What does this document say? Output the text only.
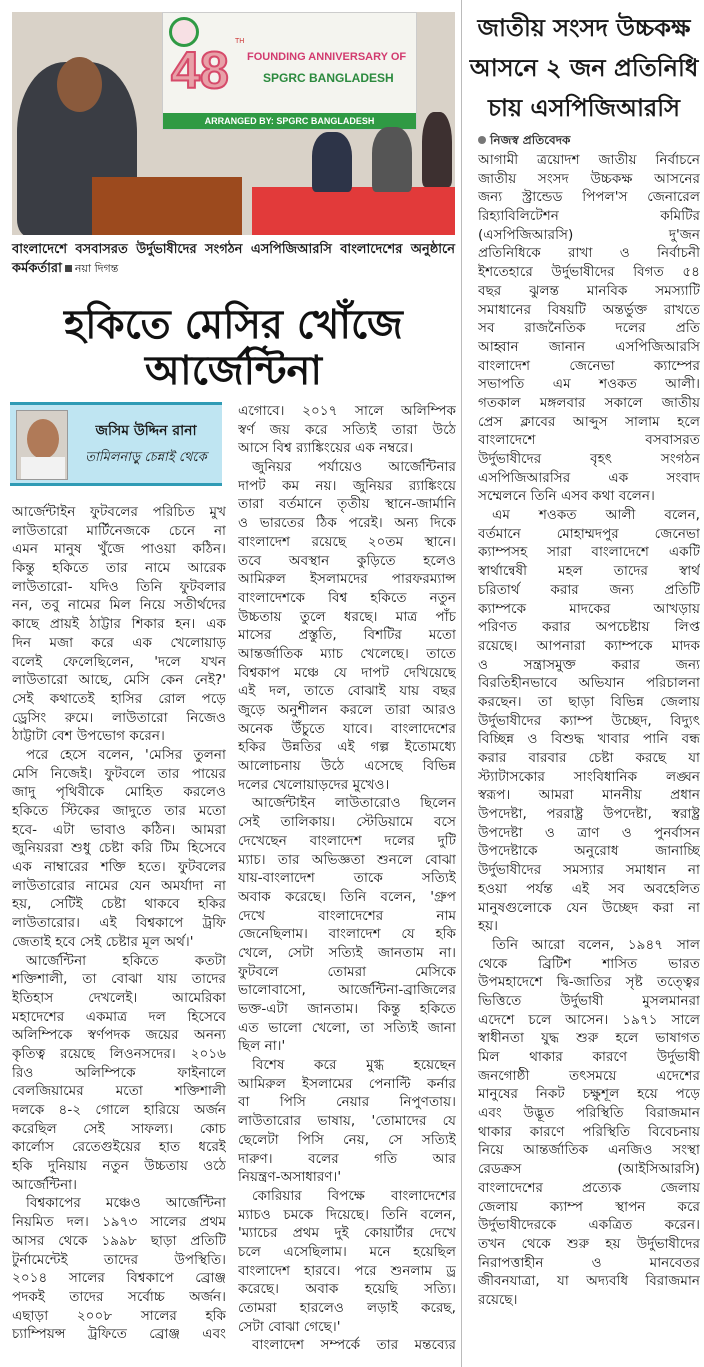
48
TH
FOUNDING ANNIVERSARY OF
SPGRC BANGLADESH
ARRANGED BY: SPGRC BANGLADESH
বাংলাদেশে বসবাসরত উর্দুভাষীদের সংগঠন এসপিজিআরসি বাংলাদেশের অনুষ্ঠানে কর্মকর্তারা নয়া দিগন্ত
হকিতে মেসির খোঁজে
আর্জেন্টিনা
জসিম উদ্দিন রানা
তামিলনাড়ু চেন্নাই থেকে
আর্জেন্টাইন ফুটবলের পরিচিত মুখ
লাউতারো মার্টিনেজকে চেনে না
এমন মানুষ খুঁজে পাওয়া কঠিন।
কিন্তু হকিতে তার নামে আরেক
লাউতারো- যদিও তিনি ফুটবলার
নন, তবু নামের মিল নিয়ে সতীর্থদের
কাছে প্রায়ই ঠাট্টার শিকার হন। এক
দিন মজা করে এক খেলোয়াড়
বলেই ফেলেছিলেন, 'দলে যখন
লাউতারো আছে, মেসি কেন নেই?'
সেই কথাতেই হাসির রোল পড়ে
ড্রেসিং রুমে। লাউতারো নিজেও
ঠাট্টাটা বেশ উপভোগ করেন।
পরে হেসে বলেন, 'মেসির তুলনা
মেসি নিজেই। ফুটবলে তার পায়ের
জাদু পৃথিবীকে মোহিত করলেও
হকিতে স্টিকের জাদুতে তার মতো
হবে- এটা ভাবাও কঠিন। আমরা
জুনিয়ররা শুধু চেষ্টা করি টিম হিসেবে
এক নাম্বারের শক্তি হতে। ফুটবলের
লাউতারোর নামের যেন অমর্যাদা না
হয়, সেটিই চেষ্টা থাকবে হকির
লাউতারোর। এই বিশ্বকাপে ট্রফি
জেতাই হবে সেই চেষ্টার মূল অর্থ।'
আর্জেন্টিনা হকিতে কতটা
শক্তিশালী, তা বোঝা যায় তাদের
ইতিহাস দেখলেই। আমেরিকা
মহাদেশের একমাত্র দল হিসেবে
অলিম্পিকে স্বর্ণপদক জয়ের অনন্য
কৃতিত্ব রয়েছে লিওনসদের। ২০১৬
রিও অলিম্পিকে ফাইনালে
বেলজিয়ামের মতো শক্তিশালী
দলকে ৪-২ গোলে হারিয়ে অর্জন
করেছিল সেই সাফল্য। কোচ
কার্লোস রেতেগুইয়ের হাত ধরেই
হকি দুনিয়ায় নতুন উচ্চতায় ওঠে
আর্জেন্টিনা।
বিশ্বকাপের মঞ্চেও আর্জেন্টিনা
নিয়মিত দল। ১৯৭৩ সালের প্রথম
আসর থেকে ১৯৯৮ ছাড়া প্রতিটি
টুর্নামেন্টেই তাদের উপস্থিতি।
২০১৪ সালের বিশ্বকাপে ব্রোঞ্জ
পদকই তাদের সর্বোচ্চ অর্জন।
এছাড়া ২০০৮ সালের হকি
চ্যাম্পিয়ন্স ট্রফিতে ব্রোঞ্জ এবং
এগোবে। ২০১৭ সালে অলিম্পিক
স্বর্ণ জয় করে সত্যিই তারা উঠে
আসে বিশ্ব র‍্যাঙ্কিংয়ের এক নম্বরে।
জুনিয়র পর্যায়েও আর্জেন্টিনার
দাপট কম নয়। জুনিয়র র‍্যাঙ্কিংয়ে
তারা বর্তমানে তৃতীয় স্থানে-জার্মানি
ও ভারতের ঠিক পরেই। অন্য দিকে
বাংলাদেশ রয়েছে ২০তম স্থানে।
তবে অবস্থান কুড়িতে হলেও
আমিরুল ইসলামদের পারফরম্যান্স
বাংলাদেশকে বিশ্ব হকিতে নতুন
উচ্চতায় তুলে ধরছে। মাত্র পাঁচ
মাসের প্রস্তুতি, বিশটির মতো
আন্তর্জাতিক ম্যাচ খেলেছে। তাতে
বিশ্বকাপ মঞ্চে যে দাপট দেখিয়েছে
এই দল, তাতে বোঝাই যায় বছর
জুড়ে অনুশীলন করলে তারা আরও
অনেক উঁচুতে যাবে। বাংলাদেশের
হকির উন্নতির এই গল্প ইতোমধ্যে
আলোচনায় উঠে এসেছে বিভিন্ন
দলের খেলোয়াড়দের মুখেও।
আর্জেন্টাইন লাউতারোও ছিলেন
সেই তালিকায়। স্টেডিয়ামে বসে
দেখেছেন বাংলাদেশ দলের দুটি
ম্যাচ। তার অভিজ্ঞতা শুনলে বোঝা
যায়-বাংলাদেশ তাকে সত্যিই
অবাক করেছে। তিনি বলেন, 'গ্রুপ
দেখে বাংলাদেশের নাম
জেনেছিলাম। বাংলাদেশ যে হকি
খেলে, সেটা সত্যিই জানতাম না।
ফুটবলে তোমরা মেসিকে
ভালোবাসো, আর্জেন্টিনা-ব্রাজিলের
ভক্ত-এটা জানতাম। কিন্তু হকিতে
এত ভালো খেলো, তা সত্যিই জানা
ছিল না।'
বিশেষ করে মুগ্ধ হয়েছেন
আমিরুল ইসলামের পেনাল্টি কর্নার
বা পিসি নেয়ার নিপুণতায়।
লাউতারোর ভাষায়, 'তোমাদের যে
ছেলেটা পিসি নেয়, সে সত্যিই
দারুণ। বলের গতি আর
নিয়ন্ত্রণ-অসাধারণ।'
কোরিয়ার বিপক্ষে বাংলাদেশের
ম্যাচও চমকে দিয়েছে। তিনি বলেন,
'ম্যাচের প্রথম দুই কোয়ার্টার দেখে
চলে এসেছিলাম। মনে হয়েছিল
বাংলাদেশ হারবে। পরে শুনলাম ড্র
করেছে। অবাক হয়েছি সত্যি।
তোমরা হারলেও লড়াই করেছ,
সেটা বোঝা গেছে।'
বাংলাদেশ সম্পর্কে তার মন্তব্যের
জাতীয় সংসদ উচ্চকক্ষ
আসনে ২ জন প্রতিনিধি
চায় এসপিজিআরসি
নিজস্ব প্রতিবেদক
আগামী ত্রয়োদশ জাতীয় নির্বাচনে
জাতীয় সংসদ উচ্চকক্ষ আসনের
জন্য স্ট্রান্ডেড পিপল'স জেনারেল
রিহ্যাবিলিটেশন কমিটির
(এসপিজিআরসি) দু'জন
প্রতিনিধিকে রাখা ও নির্বাচনী
ইশতেহারে উর্দুভাষীদের বিগত ৫৪
বছর ঝুলন্ত মানবিক সমস্যাটি
সমাধানের বিষয়টি অন্তর্ভুক্ত রাখতে
সব রাজনৈতিক দলের প্রতি
আহ্বান জানান এসপিজিআরসি
বাংলাদেশ জেনেভা ক্যাম্পের
সভাপতি এম শওকত আলী।
গতকাল মঙ্গলবার সকালে জাতীয়
প্রেস ক্লাবের আব্দুস সালাম হলে
বাংলাদেশে বসবাসরত
উর্দুভাষীদের বৃহৎ সংগঠন
এসপিজিআরসির এক সংবাদ
সম্মেলনে তিনি এসব কথা বলেন।
এম শওকত আলী বলেন,
বর্তমানে মোহাম্মদপুর জেনেভা
ক্যাম্পসহ সারা বাংলাদেশে একটি
স্বার্থান্বেষী মহল তাদের স্বার্থ
চরিতার্থ করার জন্য প্রতিটি
ক্যাম্পকে মাদকের আখড়ায়
পরিণত করার অপচেষ্টায় লিপ্ত
রয়েছে। আপনারা ক্যাম্পকে মাদক
ও সন্ত্রাসমুক্ত করার জন্য
বিরতিহীনভাবে অভিযান পরিচালনা
করছেন। তা ছাড়া বিভিন্ন জেলায়
উর্দুভাষীদের ক্যাম্প উচ্ছেদ, বিদ্যুৎ
বিচ্ছিন্ন ও বিশুদ্ধ খাবার পানি বন্ধ
করার বারবার চেষ্টা করছে যা
স্ট্যাটাসকোর সাংবিধানিক লঙ্ঘন
স্বরূপ। আমরা মাননীয় প্রধান
উপদেষ্টা, পররাষ্ট্র উপদেষ্টা, স্বরাষ্ট্র
উপদেষ্টা ও ত্রাণ ও পুনর্বাসন
উপদেষ্টাকে অনুরোধ জানাচ্ছি
উর্দুভাষীদের সমস্যার সমাধান না
হওয়া পর্যন্ত এই সব অবহেলিত
মানুষগুলোকে যেন উচ্ছেদ করা না
হয়।
তিনি আরো বলেন, ১৯৪৭ সাল
থেকে ব্রিটিশ শাসিত ভারত
উপমহাদেশে দ্বি-জাতির সৃষ্ট তত্ত্বের
ভিত্তিতে উর্দুভাষী মুসলমানরা
এদেশে চলে আসেন। ১৯৭১ সালে
স্বাধীনতা যুদ্ধ শুরু হলে ভাষাগত
মিল থাকার কারণে উর্দুভাষী
জনগোষ্ঠী তৎসময়ে এদেশের
মানুষের নিকট চক্ষুশূল হয়ে পড়ে
এবং উদ্ভূত পরিস্থিতি বিরাজমান
থাকার কারণে পরিস্থিতি বিবেচনায়
নিয়ে আন্তর্জাতিক এনজিও সংস্থা
রেডক্রস (আইসিআরসি)
বাংলাদেশের প্রত্যেক জেলায়
জেলায় ক্যাম্প স্থাপন করে
উর্দুভাষীদেরকে একত্রিত করেন।
তখন থেকে শুরু হয় উর্দুভাষীদের
নিরাপত্তাহীন ও মানবেতর
জীবনযাত্রা, যা অদ্যবধি বিরাজমান
রয়েছে।
